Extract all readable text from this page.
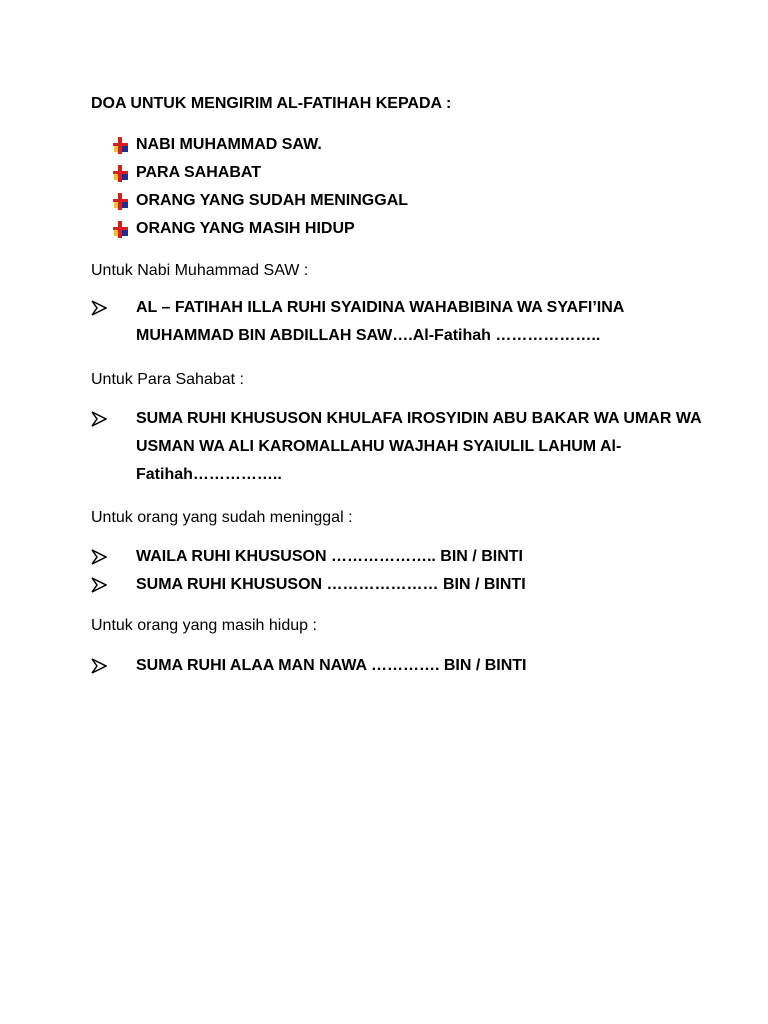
DOA UNTUK MENGIRIM AL-FATIHAH KEPADA :
NABI MUHAMMAD SAW.
PARA SAHABAT
ORANG YANG SUDAH MENINGGAL
ORANG YANG MASIH HIDUP
Untuk Nabi Muhammad SAW :
AL – FATIHAH ILLA RUHI SYAIDINA WAHABIBINA WA SYAFI’INA MUHAMMAD BIN ABDILLAH SAW….Al-Fatihah ………………..
Untuk Para Sahabat :
SUMA RUHI KHUSUSON KHULAFA IROSYIDIN ABU BAKAR WA UMAR WA USMAN WA ALI KAROMALLAHU WAJHAH SYAIULIL LAHUM Al-Fatihah……………..
Untuk orang yang sudah meninggal :
WAILA RUHI KHUSUSON ……………….. BIN / BINTI
SUMA RUHI KHUSUSON ………………… BIN / BINTI
Untuk orang yang masih hidup :
SUMA RUHI ALAA MAN NAWA …………. BIN / BINTI
